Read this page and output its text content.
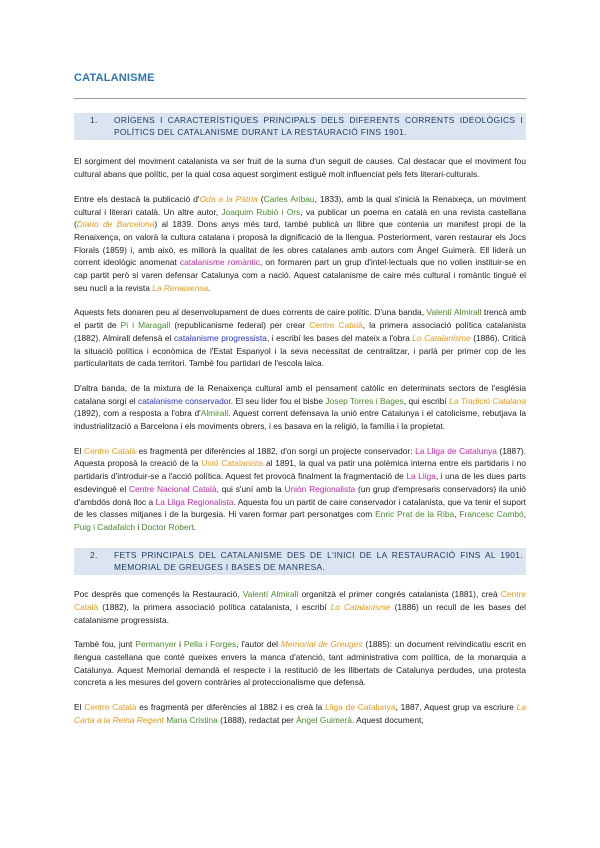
CATALANISME
1.	ORÍGENS I CARACTERÍSTIQUES PRINCIPALS DELS DIFERENTS CORRENTS IDEOLÒGICS I POLÍTICS DEL CATALANISME DURANT LA RESTAURACIÓ FINS 1901.

El sorgiment del moviment catalanista va ser fruit de la suma d'un seguit de causes. Cal destacar que el moviment fou cultural abans que polític, per la qual cosa aquest sorgiment estigué molt influenciat pels fets literari-culturals.

Entre els destacà la publicació d'Oda a la Pàtria (Carles Aribau, 1833), amb la qual s'inicià la Renaixeça, un moviment cultural i literari català. Un altre autor, Joaquim Rubió i Ors, va publicar un poema en català en una revista castellana (Diario de Barcelona) al 1839. Dons anys més tard, també publicà un llibre que contenia un manifest propi de la Renaixença, on valorà la cultura catalana i proposà la dignificació de la llengua. Posteriorment, varen restaurar els Jocs Florals (1859) i, amb això, es millorà la qualitat de les obres catalanes amb autors com Àngel Guimerà. Ell liderà un corrent ideològic anomenat catalanisme romàntic, on formaren part un grup d'intel·lectuals que no volien instituir-se en cap partit però si varen defensar Catalunya com a nació. Aquest catalanisme de caire més cultural i romàntic tingué el seu nucli a la revista La Renaixensa.

Aquests fets donaren peu al desenvolupament de dues corrents de caire polític. D'una banda, Valentí Almirall trencà amb el partit de Pi i Maragall (republicanisme federal) per crear Centre Català, la primera associació política catalanista (1882). Almirall defensà el catalanisme progressista, i escribí les bases del mateix a l'obra Lo Catalanisme (1886). Criticà la situació política i econòmica de l'Estat Espanyol i la seva necessitat de centralitzar, i parlà per primer cop de les particularitats de cada territori. També fou partidari de l'escola laica.

D'altra banda, de la mixtura de la Renaixença cultural amb el pensament catòlic en determinats sectors de l'església catalana sorgí el catalanisme conservador. El seu líder fou el bisbe Josep Torres i Bages, qui escribí La Tradició Catalana (1892), com a resposta a l'obra d'Almirall. Aquest corrent defensava la unió entre Catalunya i el catolicisme, rebutjava la industrialització a Barcelona i els moviments obrers, i es basava en la religió, la família i la propietat.

El Centre Català es fragmentà per diferències al 1882, d'on sorgí un projecte conservador: La Lliga de Catalunya (1887). Aquesta proposà la creació de la Unió Catalanista al 1891, la qual va patir una polèmica interna entre els partidaris i no partidaris d'introduir-se a l'acció política. Aquest fet provocà finalment la fragmentació de La Lliga, i una de les dues parts esdevingué el Centre Nacional Català, qui s'uní amb la Unión Regionalista (un grup d'empresaris conservadors) ila unió d'ambdós donà lloc a La Lliga Regionalista. Aquesta fou un partit de caire conservador i catalanista, que va tenir el suport de les classes mitjanes i de la burgesia. Hi varen formar part personatges com Enric Prat de la Riba, Francesc Cambó, Puig i Cadafalch i Doctor Robert.

2.	FETS PRINCIPALS DEL CATALANISME DES DE L'INICI DE LA RESTAURACIÓ FINS AL 1901. MEMORIAL DE GREUGES I BASES DE MANRESA.

Poc després que començés la Restauració, Valentí Almirall organitzà el primer congrés catalanista (1881), creà Centre Català (1882), la primera associació política catalanista, i escribí Lo Catalanisme (1886) un recull de les bases del catalanisme progressista.

També fou, junt Permanyer i Pella i Forges, l'autor del Memorial de Greuges (1885): un document reivindicatiu escrit en llengua castellana que conté queixes envers la manca d'atenció, tant administrativa com política, de la monarquia a Catalunya. Aquest Memorial demandà el respecte i la restitució de les llibertats de Catalunya perdudes, una protesta concreta a les mesures del govern contràries al proteccionalisme que defensà.

El Centre Català es fragmentà per diferències al 1882 i es creà la Lliga de Catalunya, 1887, Aquest grup va escriure La Carta a la Reina Regent Maria Cristina (1888), redactat per Àngel Guimerà. Aquest document,
